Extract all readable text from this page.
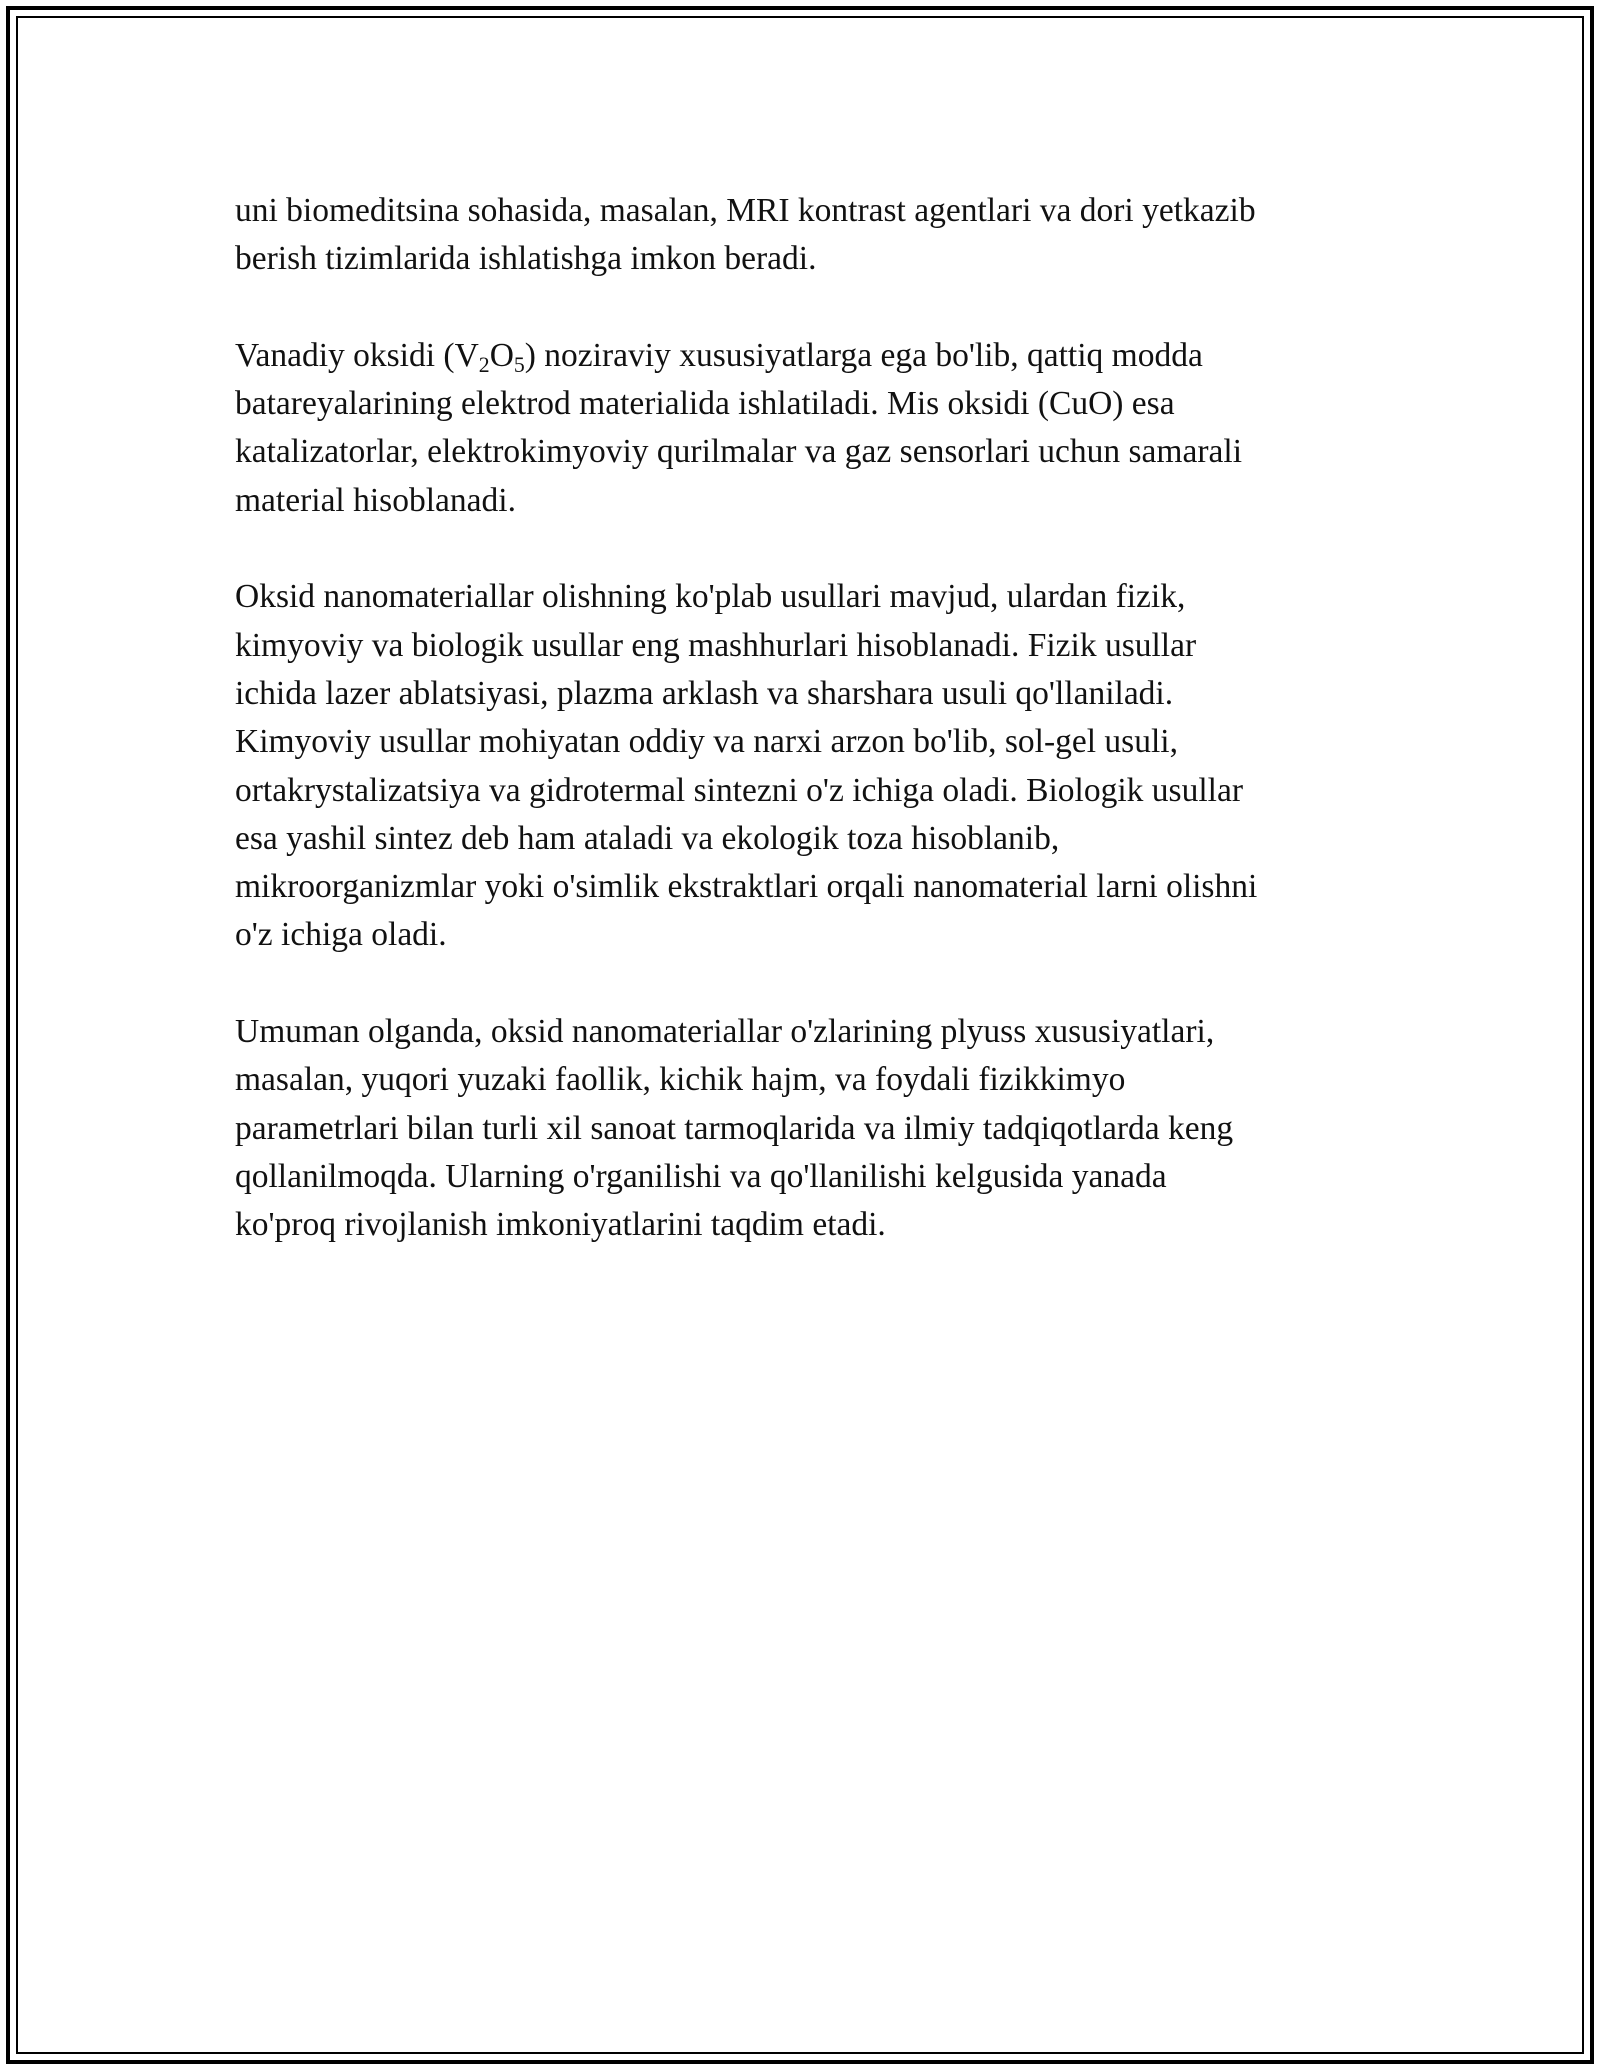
uni biomeditsina sohasida, masalan, MRI kontrast agentlari va dori yetkazib
berish tizimlarida ishlatishga imkon beradi.
Vanadiy oksidi $(V_2O_5)$ noziraviy xususiyatlarga ega bo'lib, qattiq modda
batareyalarining elektrod materialida ishlatiladi. Mis oksidi (CuO) esa
katalizatorlar, elektrokimyoviy qurilmalar va gaz sensorlari uchun samarali
material hisoblanadi.
Oksid nanomateriallar olishning ko'plab usullari mavjud, ulardan fizik,
kimyoviy va biologik usullar eng mashhurlari hisoblanadi. Fizik usullar
ichida lazer ablatsiyasi, plazma arklash va sharshara usuli qo'llaniladi.
Kimyoviy usullar mohiyatan oddiy va narxi arzon bo'lib, sol-gel usuli,
ortakrystalizatsiya va gidrotermal sintezni o'z ichiga oladi. Biologik usullar
esa yashil sintez deb ham ataladi va ekologik toza hisoblanib,
mikroorganizmlar yoki o'simlik ekstraktlari orqali nanomaterial larni olishni
o'z ichiga oladi.
Umuman olganda, oksid nanomateriallar o'zlarining plyuss xususiyatlari,
masalan, yuqori yuzaki faollik, kichik hajm, va foydali fizikkimyo
parametrlari bilan turli xil sanoat tarmoqlarida va ilmiy tadqiqotlarda keng
qollanilmoqda. Ularning o'rganilishi va qo'llanilishi kelgusida yanada
ko'proq rivojlanish imkoniyatlarini taqdim etadi.
